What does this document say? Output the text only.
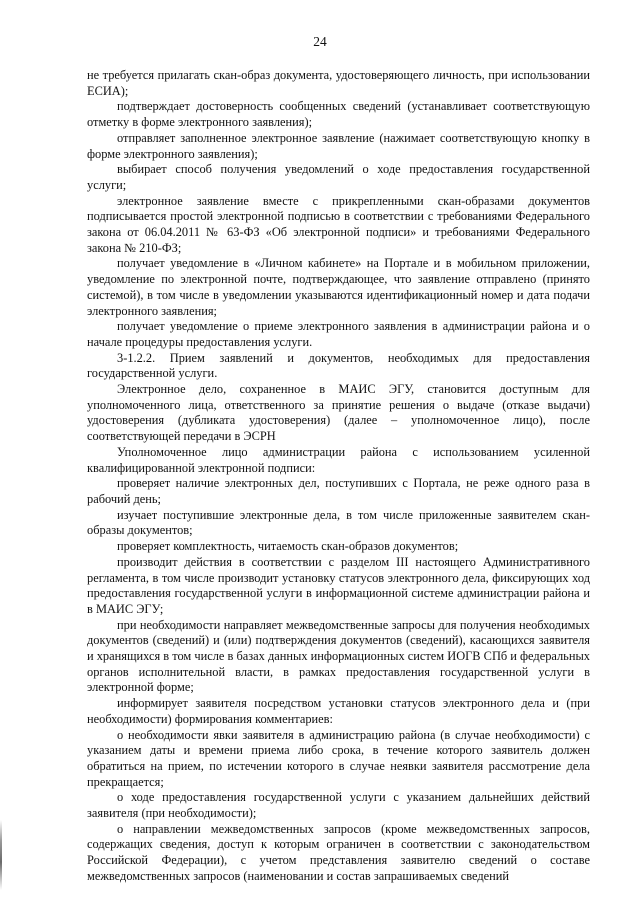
24

не требуется прилагать скан-образ документа, удостоверяющего личность, при использовании ЕСИА);

подтверждает достоверность сообщенных сведений (устанавливает соответствующую отметку в форме электронного заявления);

отправляет заполненное электронное заявление (нажимает соответствующую кнопку в форме электронного заявления);

выбирает способ получения уведомлений о ходе предоставления государственной услуги;

электронное заявление вместе с прикрепленными скан-образами документов подписывается простой электронной подписью в соответствии с требованиями Федерального закона от 06.04.2011 № 63-ФЗ «Об электронной подписи» и требованиями Федерального закона № 210-ФЗ;

получает уведомление в «Личном кабинете» на Портале и в мобильном приложении, уведомление по электронной почте, подтверждающее, что заявление отправлено (принято системой), в том числе в уведомлении указываются идентификационный номер и дата подачи электронного заявления;

получает уведомление о приеме электронного заявления в администрации района и о начале процедуры предоставления услуги.

3-1.2.2. Прием заявлений и документов, необходимых для предоставления государственной услуги.

Электронное дело, сохраненное в МАИС ЭГУ, становится доступным для уполномоченного лица, ответственного за принятие решения о выдаче (отказе выдачи) удостоверения (дубликата удостоверения) (далее – уполномоченное лицо), после соответствующей передачи в ЭСРН

Уполномоченное лицо администрации района с использованием усиленной квалифицированной электронной подписи:

проверяет наличие электронных дел, поступивших с Портала, не реже одного раза в рабочий день;

изучает поступившие электронные дела, в том числе приложенные заявителем скан-образы документов;

проверяет комплектность, читаемость скан-образов документов;

производит действия в соответствии с разделом III настоящего Административного регламента, в том числе производит установку статусов электронного дела, фиксирующих ход предоставления государственной услуги в информационной системе администрации района и в МАИС ЭГУ;

при необходимости направляет межведомственные запросы для получения необходимых документов (сведений) и (или) подтверждения документов (сведений), касающихся заявителя и хранящихся в том числе в базах данных информационных систем ИОГВ СПб и федеральных органов исполнительной власти, в рамках предоставления государственной услуги в электронной форме;

информирует заявителя посредством установки статусов электронного дела и (при необходимости) формирования комментариев:

о необходимости явки заявителя в администрацию района (в случае необходимости) с указанием даты и времени приема либо срока, в течение которого заявитель должен обратиться на прием, по истечении которого в случае неявки заявителя рассмотрение дела прекращается;

о ходе предоставления государственной услуги с указанием дальнейших действий заявителя (при необходимости);

о направлении межведомственных запросов (кроме межведомственных запросов, содержащих сведения, доступ к которым ограничен в соответствии с законодательством Российской Федерации), с учетом представления заявителю сведений о составе межведомственных запросов (наименовании и состав запрашиваемых сведений
